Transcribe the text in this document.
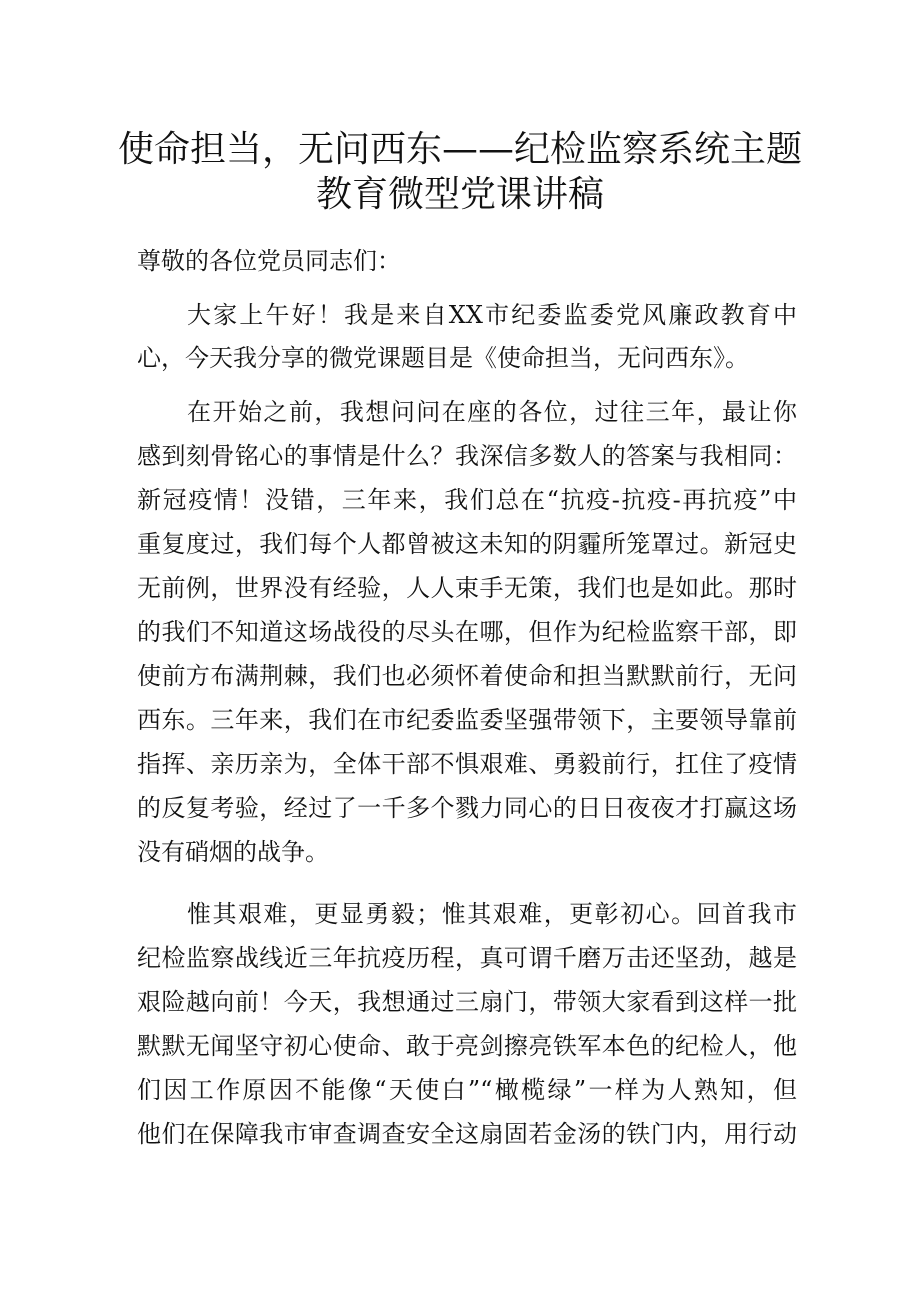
使命担当，无问西东——纪检监察系统主题
教育微型党课讲稿

尊敬的各位党员同志们：

大家上午好！我是来自XX市纪委监委党风廉政教育中

心，今天我分享的微党课题目是《使命担当，无问西东》。

在开始之前，我想问问在座的各位，过往三年，最让你

感到刻骨铭心的事情是什么？我深信多数人的答案与我相同：

新冠疫情！没错，三年来，我们总在“抗疫-抗疫-再抗疫”中

重复度过，我们每个人都曾被这未知的阴霾所笼罩过。新冠史

无前例，世界没有经验，人人束手无策，我们也是如此。那时

的我们不知道这场战役的尽头在哪，但作为纪检监察干部，即

使前方布满荆棘，我们也必须怀着使命和担当默默前行，无问

西东。三年来，我们在市纪委监委坚强带领下，主要领导靠前

指挥、亲历亲为，全体干部不惧艰难、勇毅前行，扛住了疫情

的反复考验，经过了一千多个戮力同心的日日夜夜才打赢这场

没有硝烟的战争。

惟其艰难，更显勇毅；惟其艰难，更彰初心。回首我市

纪检监察战线近三年抗疫历程，真可谓千磨万击还坚劲，越是

艰险越向前！今天，我想通过三扇门，带领大家看到这样一批

默默无闻坚守初心使命、敢于亮剑擦亮铁军本色的纪检人，他

们因工作原因不能像“天使白”“橄榄绿”一样为人熟知，但

他们在保障我市审查调查安全这扇固若金汤的铁门内，用行动
